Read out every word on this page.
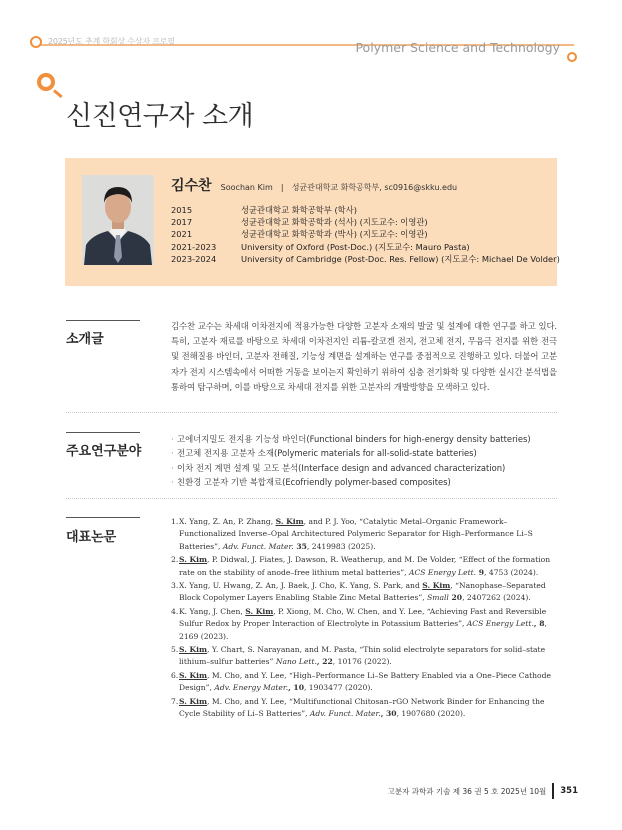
2025년도 추계 학회상 수상자 프로필	Polymer Science and Technology
신진연구자 소개
김수찬 Soochan Kim | 성균관대학교 화학공학부, sc0916@skku.edu
2015	성균관대학교 화학공학부 (학사)
2017	성균관대학교 화학공학과 (석사) (지도교수: 이영관)
2021	성균관대학교 화학공학과 (박사) (지도교수: 이영관)
2021-2023	University of Oxford (Post-Doc.) (지도교수: Mauro Pasta)
2023-2024	University of Cambridge (Post-Doc. Res. Fellow) (지도교수: Michael De Volder)
소개글
김수찬 교수는 차세대 이차전지에 적용가능한 다양한 고분자 소재의 발굴 및 설계에 대한 연구를 하고 있다. 특히, 고분자 재료를 바탕으로 차세대 이차전지인 리튬-칼코겐 전지, 전고체 전지, 무음극 전지를 위한 전극 및 전해질용 바인더, 고분자 전해질, 기능성 계면을 설계하는 연구를 중점적으로 진행하고 있다. 더불어 고분자가 전지 시스템속에서 어떠한 거동을 보이는지 확인하기 위하여 심층 전기화학 및 다양한 실시간 분석법을 통하여 탐구하며, 이를 바탕으로 차세대 전지를 위한 고분자의 개발방향을 모색하고 있다.
주요연구분야
· 고에너지밀도 전지용 기능성 바인더(Functional binders for high-energy density batteries)
· 전고체 전지용 고분자 소재(Polymeric materials for all-solid-state batteries)
· 이차 전지 계면 설계 및 고도 분석(Interface design and advanced characterization)
· 친환경 고분자 기반 복합재료(Ecofriendly polymer-based composites)
대표논문
1. X. Yang, Z. An, P. Zhang, S. Kim, and P. J. Yoo, “Catalytic Metal–Organic Framework–Functionalized Inverse–Opal Architectured Polymeric Separator for High–Performance Li–S Batteries”, Adv. Funct. Mater. 35, 2419983 (2025).
2. S. Kim, P. Didwal, J. Fiates, J. Dawson, R. Weatherup, and M. De Volder, “Effect of the formation rate on the stability of anode–free lithium metal batteries”, ACS Energy Lett. 9, 4753 (2024).
3. X. Yang, U. Hwang, Z. An, J. Baek, J. Cho, K. Yang, S. Park, and S. Kim, “Nanophase–Separated Block Copolymer Layers Enabling Stable Zinc Metal Batteries”, Small 20, 2407262 (2024).
4. K. Yang, J. Chen, S. Kim, P. Xiong, M. Cho, W. Chen, and Y. Lee, “Achieving Fast and Reversible Sulfur Redox by Proper Interaction of Electrolyte in Potassium Batteries”, ACS Energy Lett., 8, 2169 (2023).
5. S. Kim, Y. Chart, S. Narayanan, and M. Pasta, “Thin solid electrolyte separators for solid–state lithium–sulfur batteries” Nano Lett., 22, 10176 (2022).
6. S. Kim, M. Cho, and Y. Lee, “High–Performance Li–Se Battery Enabled via a One–Piece Cathode Design”, Adv. Energy Mater., 10, 1903477 (2020).
7. S. Kim, M. Cho, and Y. Lee, “Multifunctional Chitosan–rGO Network Binder for Enhancing the Cycle Stability of Li–S Batteries”, Adv. Funct. Mater., 30, 1907680 (2020).
고분자 과학과 기술 제 36 권 5 호 2025년 10월 351
